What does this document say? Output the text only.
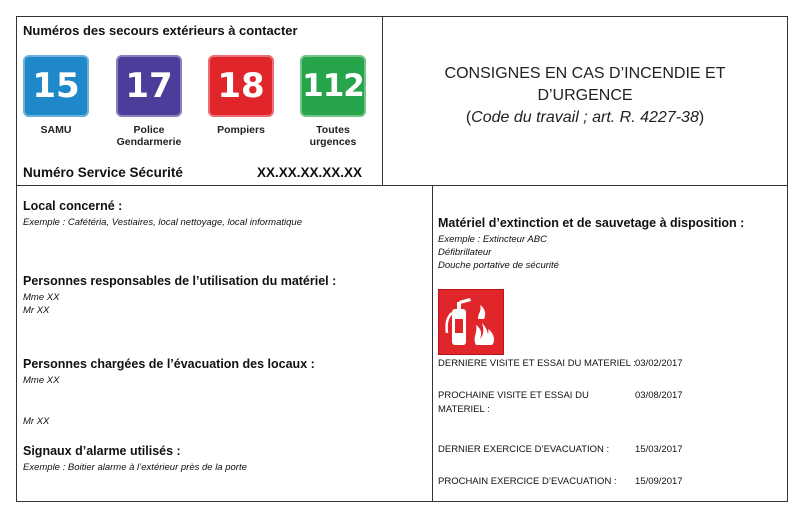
Numéros des secours extérieurs à contacter
15 17 18 112
SAMU	Police
Gendarmerie
Pompiers	Toutes
urgences
Numéro Service Sécurité	XX.XX.XX.XX.XX
CONSIGNES EN CAS D’INCENDIE ET
D’URGENCE
(Code du travail ; art. R. 4227-38)
Local concerné :
Exemple : Cafétéria, Vestiaires, local nettoyage, local informatique
Personnes responsables de l’utilisation du matériel :
Mme XX
Mr XX
Personnes chargées de l’évacuation des locaux :
Mme XX
Mr XX
Signaux d’alarme utilisés :
Exemple : Boitier alarme à l’extérieur près de la porte
Matériel d’extinction et de sauvetage à disposition :
Exemple : Extincteur ABC
Défibrillateur
Douche portative de sécurité
DERNIERE VISITE ET ESSAI DU MATERIEL : 03/02/2017
PROCHAINE VISITE ET ESSAI DU
MATERIEL :
03/08/2017
DERNIER EXERCICE D’EVACUATION :	15/03/2017
PROCHAIN EXERCICE D’EVACUATION : 15/09/2017
